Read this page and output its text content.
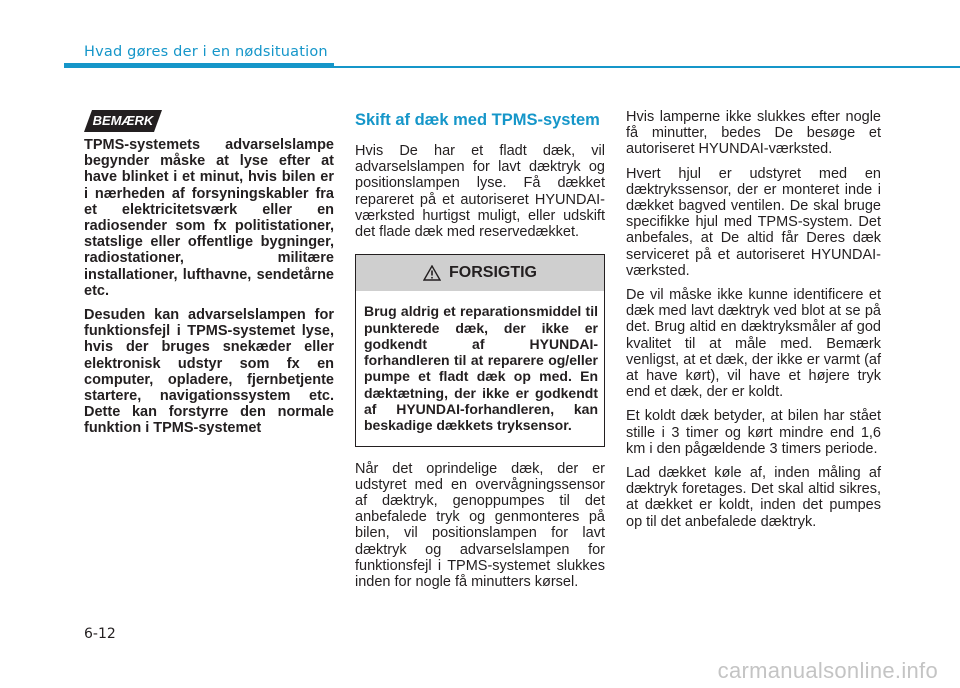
Hvad gøres der i en nødsituation
BEMÆRK

TPMS-systemets advarselslampe begynder måske at lyse efter at have blinket i et minut, hvis bilen er i nærheden af forsyningskabler fra et elektricitetsværk eller en radiosender som fx politistationer, statslige eller offentlige bygninger, radiostationer, militære installationer, lufthavne, sendetårne etc.

Desuden kan advarselslampen for funktionsfejl i TPMS-systemet lyse, hvis der bruges snekæder eller elektronisk udstyr som fx en computer, opladere, fjernbetjente startere, navigationssystem etc. Dette kan forstyrre den normale funktion i TPMS-systemet

Skift af dæk med TPMS-system

Hvis De har et fladt dæk, vil advarselslampen for lavt dæktryk og positionslampen lyse. Få dækket repareret på et autoriseret HYUNDAI-værksted hurtigst muligt, eller udskift det flade dæk med reservedækket.

FORSIGTIG
Brug aldrig et reparationsmiddel til punkterede dæk, der ikke er godkendt af HYUNDAI-forhandleren til at reparere og/eller pumpe et fladt dæk op med. En dæktætning, der ikke er godkendt af HYUNDAI-forhandleren, kan beskadige dækkets tryksensor.

Når det oprindelige dæk, der er udstyret med en overvågningssensor af dæktryk, genoppumpes til det anbefalede tryk og genmonteres på bilen, vil positionslampen for lavt dæktryk og advarselslampen for funktionsfejl i TPMS-systemet slukkes inden for nogle få minutters kørsel.

Hvis lamperne ikke slukkes efter nogle få minutter, bedes De besøge et autoriseret HYUNDAI-værksted.

Hvert hjul er udstyret med en dæktrykssensor, der er monteret inde i dækket bagved ventilen. De skal bruge specifikke hjul med TPMS-system. Det anbefales, at De altid får Deres dæk serviceret på et autoriseret HYUNDAI-værksted.

De vil måske ikke kunne identificere et dæk med lavt dæktryk ved blot at se på det. Brug altid en dæktryksmåler af god kvalitet til at måle med. Bemærk venligst, at et dæk, der ikke er varmt (af at have kørt), vil have et højere tryk end et dæk, der er koldt.

Et koldt dæk betyder, at bilen har stået stille i 3 timer og kørt mindre end 1,6 km i den pågældende 3 timers periode.

Lad dækket køle af, inden måling af dæktryk foretages. Det skal altid sikres, at dækket er koldt, inden det pumpes op til det anbefalede dæktryk.

6-12
carmanualsonline.info
